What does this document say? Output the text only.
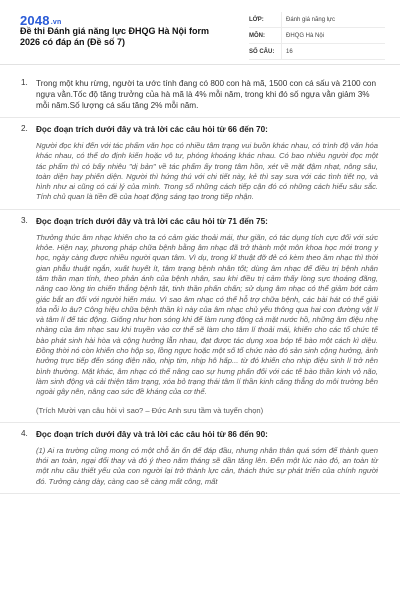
2048.vn
Đề thi Đánh giá năng lực ĐHQG Hà Nội form 2026 có đáp án (Đề số 7)
LỚP:	Đánh giá năng lực
MÔN:	ĐHQG Hà Nội
SỐ CÂU:	16
1. Trong một khu rừng, người ta ước tính đang có 800 con hà mã, 1500 con cá sấu và 2100 con ngựa vằn.Tốc độ tăng trưởng của hà mã là 4% mỗi năm, trong khi đó số ngựa vằn giảm 3% mỗi năm.Số lượng cá sấu tăng 2% mỗi năm.
2. Đọc đoạn trích dưới đây và trả lời các câu hỏi từ 66 đến 70:
Người đọc khi đến với tác phẩm văn học có nhiều tâm trạng vui buồn khác nhau, có trình độ văn hóa khác nhau, có thể do định kiến hoặc vô tư, phóng khoáng khác nhau. Có bao nhiêu người đọc một tác phẩm thì có bấy nhiêu "dị bản" về tác phẩm ấy trong tâm hồn, xét về mặt đậm nhạt, nông sâu, toàn diện hay phiến diện. Người thì hứng thú với chi tiết này, kẻ thì say sưa với các tình tiết nọ, và hình như ai cũng có cái lý của mình. Trong số những cách tiếp cận đó có những cách hiểu sâu sắc. Tính chủ quan là tiền đề của hoạt động sáng tạo trong tiếp nhận.
3. Đọc đoạn trích dưới đây và trả lời các câu hỏi từ 71 đến 75:
Thưởng thức âm nhạc khiến cho ta có cảm giác thoải mái, thư giãn, có tác dụng tích cực đối với sức khỏe. Hiện nay, phương pháp chữa bệnh bằng âm nhạc đã trở thành một môn khoa học mới trong y học, ngày càng được nhiều người quan tâm. Vì dụ, trong kĩ thuật đỡ đẻ có kèm theo âm nhạc thì thời gian phẫu thuật ngắn, xuất huyết ít, tâm trạng bệnh nhân tốt; dùng âm nhạc để điều trị bệnh nhân tâm thần mạn tính, theo phản ánh của bệnh nhân, sau khi điều trị cảm thấy lòng sực thoáng đãng, nâng cao lòng tin chiến thắng bệnh tật, tinh thần phấn chấn; sử dụng âm nhạc có thể giảm bớt cảm giác bắt an đối với người hiến máu. Vì sao âm nhạc có thể hỗ trợ chữa bệnh, các bài hát có thể giải tỏa nỗi lo âu? Công hiệu chữa bệnh thần kì này của âm nhạc chủ yếu thông qua hai con đường vật lí và tâm lí để tác động. Giống như hơn sóng khi để làm rung động cả mặt nước hồ, những âm điệu nhẹ nhàng của âm nhạc sau khi truyền vào cơ thể sẽ làm cho tâm lí thoải mái, khiến cho các tổ chức tế bào phát sinh hài hòa và cộng hưởng lẫn nhau, đạt được tác dụng xoa bóp tế bào một cách kì diệu. Đồng thời nó còn khiến cho hộp sọ, lồng ngực hoặc một số tổ chức nào đó sản sinh cộng hưởng, ảnh hưởng trực tiếp đến sóng điện não, nhịp tim, nhịp hô hấp... từ đó khiến cho nhịp điệu sinh lí trở nên bình thường. Mặt khác, âm nhạc có thể nâng cao sự hưng phấn đối với các tế bào thần kinh vỏ não, làm sinh động và cải thiện tâm trạng, xóa bỏ trạng thái tâm lí thần kinh căng thẳng do môi trường bên ngoài gây nên, nâng cao sức đề kháng của cơ thể.
(Trích Mười vạn câu hỏi vì sao? – Đức Anh sưu tầm và tuyển chọn)
4. Đọc đoạn trích dưới đây và trả lời các câu hỏi từ 86 đến 90:
(1) Ai ra trường cũng mong có một chỗ ăn ổn để đáp đầu, nhưng nhân thân quá sớm để thành quen thói an toàn, ngại đổi thay và đó ý theo năm tháng sẽ dần tăng lên. Đến một lúc nào đó, an toàn từ một nhu cầu thiết yếu của con người lại trở thành lực cản, thách thức sự phát triển của chính người đó. Tưởng càng dày, càng cao sẽ càng mất công, mất
